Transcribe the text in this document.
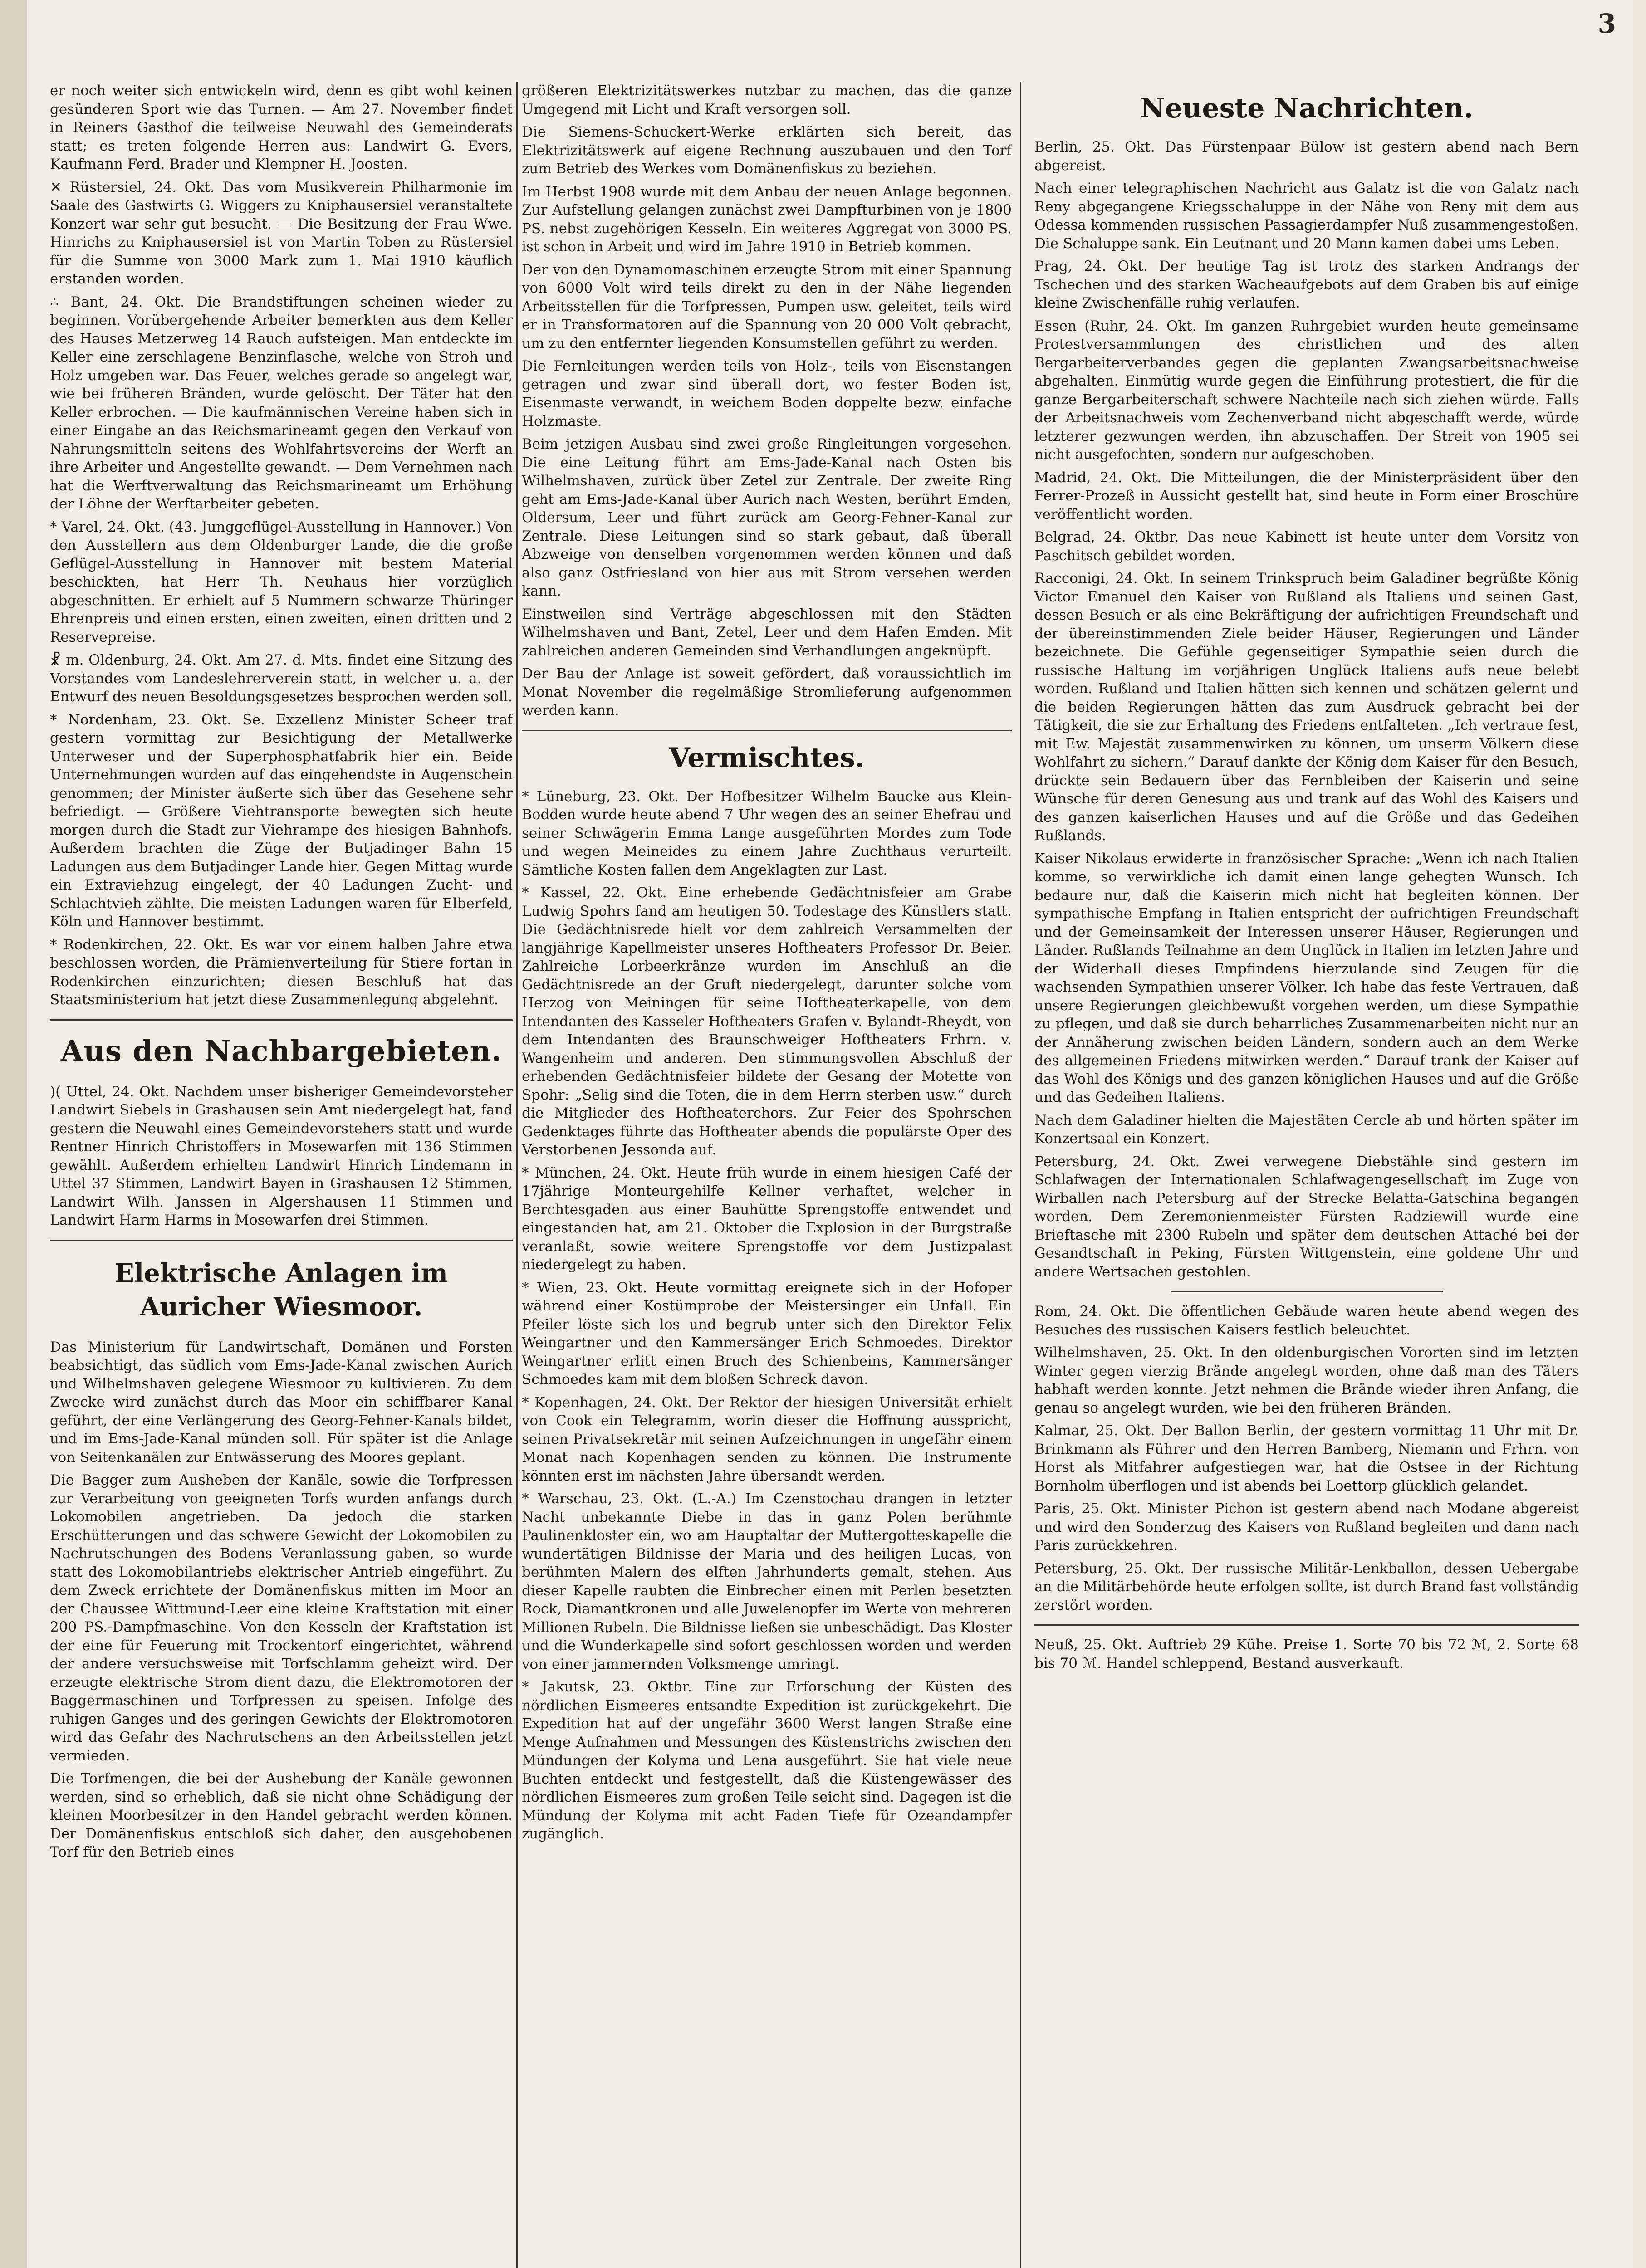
3

er noch weiter sich entwickeln wird, denn es gibt wohl keinen gesünderen Sport wie das Turnen. — Am 27. November findet in Reiners Gasthof die teilweise Neuwahl des Gemeinderats statt; es treten folgende Herren aus: Landwirt G. Evers, Kaufmann Ferd. Brader und Klempner H. Joosten.

✕ Rüstersiel, 24. Okt. Das vom Musikverein Philharmonie im Saale des Gastwirts G. Wiggers zu Kniphausersiel veranstaltete Konzert war sehr gut besucht. — Die Besitzung der Frau Wwe. Hinrichs zu Kniphausersiel ist von Martin Toben zu Rüstersiel für die Summe von 3000 Mark zum 1. Mai 1910 käuflich erstanden worden.

∴ Bant, 24. Okt. Die Brandstiftungen scheinen wieder zu beginnen. Vorübergehende Arbeiter bemerkten aus dem Keller des Hauses Metzerweg 14 Rauch aufsteigen. Man entdeckte im Keller eine zerschlagene Benzinflasche, welche von Stroh und Holz umgeben war. Das Feuer, welches gerade so angelegt war, wie bei früheren Bränden, wurde gelöscht. Der Täter hat den Keller erbrochen. — Die kaufmännischen Vereine haben sich in einer Eingabe an das Reichsmarineamt gegen den Verkauf von Nahrungsmitteln seitens des Wohlfahrtsvereins der Werft an ihre Arbeiter und Angestellte gewandt. — Dem Vernehmen nach hat die Werftverwaltung das Reichsmarineamt um Erhöhung der Löhne der Werftarbeiter gebeten.

* Varel, 24. Okt. (43. Junggeflügel-Ausstellung in Hannover.) Von den Ausstellern aus dem Oldenburger Lande, die die große Geflügel-Ausstellung in Hannover mit bestem Material beschickten, hat Herr Th. Neuhaus hier vorzüglich abgeschnitten. Er erhielt auf 5 Nummern schwarze Thüringer Ehrenpreis und einen ersten, einen zweiten, einen dritten und 2 Reservepreise.

☧ m. Oldenburg, 24. Okt. Am 27. d. Mts. findet eine Sitzung des Vorstandes vom Landeslehrerverein statt, in welcher u. a. der Entwurf des neuen Besoldungsgesetzes besprochen werden soll.

* Nordenham, 23. Okt. Se. Exzellenz Minister Scheer traf gestern vormittag zur Besichtigung der Metallwerke Unterweser und der Superphosphatfabrik hier ein. Beide Unternehmungen wurden auf das eingehendste in Augenschein genommen; der Minister äußerte sich über das Gesehene sehr befriedigt. — Größere Viehtransporte bewegten sich heute morgen durch die Stadt zur Viehrampe des hiesigen Bahnhofs. Außerdem brachten die Züge der Butjadinger Bahn 15 Ladungen aus dem Butjadinger Lande hier. Gegen Mittag wurde ein Extraviehzug eingelegt, der 40 Ladungen Zucht- und Schlachtvieh zählte. Die meisten Ladungen waren für Elberfeld, Köln und Hannover bestimmt.

* Rodenkirchen, 22. Okt. Es war vor einem halben Jahre etwa beschlossen worden, die Prämienverteilung für Stiere fortan in Rodenkirchen einzurichten; diesen Beschluß hat das Staatsministerium hat jetzt diese Zusammenlegung abgelehnt.

Aus den Nachbargebieten.

)( Uttel, 24. Okt. Nachdem unser bisheriger Gemeindevorsteher Landwirt Siebels in Grashausen sein Amt niedergelegt hat, fand gestern die Neuwahl eines Gemeindevorstehers statt und wurde Rentner Hinrich Christoffers in Mosewarfen mit 136 Stimmen gewählt. Außerdem erhielten Landwirt Hinrich Lindemann in Uttel 37 Stimmen, Landwirt Bayen in Grashausen 12 Stimmen, Landwirt Wilh. Janssen in Algershausen 11 Stimmen und Landwirt Harm Harms in Mosewarfen drei Stimmen.

Elektrische Anlagen im Auricher Wiesmoor.

Das Ministerium für Landwirtschaft, Domänen und Forsten beabsichtigt, das südlich vom Ems-Jade-Kanal zwischen Aurich und Wilhelmshaven gelegene Wiesmoor zu kultivieren. Zu dem Zwecke wird zunächst durch das Moor ein schiffbarer Kanal geführt, der eine Verlängerung des Georg-Fehner-Kanals bildet, und im Ems-Jade-Kanal münden soll. Für später ist die Anlage von Seitenkanälen zur Entwässerung des Moores geplant.

Die Bagger zum Ausheben der Kanäle, sowie die Torfpressen zur Verarbeitung von geeigneten Torfs wurden anfangs durch Lokomobilen angetrieben. Da jedoch die starken Erschütterungen und das schwere Gewicht der Lokomobilen zu Nachrutschungen des Bodens Veranlassung gaben, so wurde statt des Lokomobilantriebs elektrischer Antrieb eingeführt. Zu dem Zweck errichtete der Domänenfiskus mitten im Moor an der Chaussee Wittmund-Leer eine kleine Kraftstation mit einer 200 PS.-Dampfmaschine. Von den Kesseln der Kraftstation ist der eine für Feuerung mit Trockentorf eingerichtet, während der andere versuchsweise mit Torfschlamm geheizt wird. Der erzeugte elektrische Strom dient dazu, die Elektromotoren der Baggermaschinen und Torfpressen zu speisen. Infolge des ruhigen Ganges und des geringen Gewichts der Elektromotoren wird das Gefahr des Nachrutschens an den Arbeitsstellen jetzt vermieden.

Die Torfmengen, die bei der Aushebung der Kanäle gewonnen werden, sind so erheblich, daß sie nicht ohne Schädigung der kleinen Moorbesitzer in den Handel gebracht werden können. Der Domänenfiskus entschloß sich daher, den ausgehobenen Torf für den Betrieb eines

größeren Elektrizitätswerkes nutzbar zu machen, das die ganze Umgegend mit Licht und Kraft versorgen soll.

Die Siemens-Schuckert-Werke erklärten sich bereit, das Elektrizitätswerk auf eigene Rechnung auszubauen und den Torf zum Betrieb des Werkes vom Domänenfiskus zu beziehen.

Im Herbst 1908 wurde mit dem Anbau der neuen Anlage begonnen. Zur Aufstellung gelangen zunächst zwei Dampfturbinen von je 1800 PS. nebst zugehörigen Kesseln. Ein weiteres Aggregat von 3000 PS. ist schon in Arbeit und wird im Jahre 1910 in Betrieb kommen.

Der von den Dynamomaschinen erzeugte Strom mit einer Spannung von 6000 Volt wird teils direkt zu den in der Nähe liegenden Arbeitsstellen für die Torfpressen, Pumpen usw. geleitet, teils wird er in Transformatoren auf die Spannung von 20 000 Volt gebracht, um zu den entfernter liegenden Konsumstellen geführt zu werden.

Die Fernleitungen werden teils von Holz-, teils von Eisenstangen getragen und zwar sind überall dort, wo fester Boden ist, Eisenmaste verwandt, in weichem Boden doppelte bezw. einfache Holzmaste.

Beim jetzigen Ausbau sind zwei große Ringleitungen vorgesehen. Die eine Leitung führt am Ems-Jade-Kanal nach Osten bis Wilhelmshaven, zurück über Zetel zur Zentrale. Der zweite Ring geht am Ems-Jade-Kanal über Aurich nach Westen, berührt Emden, Oldersum, Leer und führt zurück am Georg-Fehner-Kanal zur Zentrale. Diese Leitungen sind so stark gebaut, daß überall Abzweige von denselben vorgenommen werden können und daß also ganz Ostfriesland von hier aus mit Strom versehen werden kann.

Einstweilen sind Verträge abgeschlossen mit den Städten Wilhelmshaven und Bant, Zetel, Leer und dem Hafen Emden. Mit zahlreichen anderen Gemeinden sind Verhandlungen angeknüpft.

Der Bau der Anlage ist soweit gefördert, daß voraussichtlich im Monat November die regelmäßige Stromlieferung aufgenommen werden kann.

Vermischtes.

* Lüneburg, 23. Okt. Der Hofbesitzer Wilhelm Baucke aus Klein-Bodden wurde heute abend 7 Uhr wegen des an seiner Ehefrau und seiner Schwägerin Emma Lange ausgeführten Mordes zum Tode und wegen Meineides zu einem Jahre Zuchthaus verurteilt. Sämtliche Kosten fallen dem Angeklagten zur Last.

* Kassel, 22. Okt. Eine erhebende Gedächtnisfeier am Grabe Ludwig Spohrs fand am heutigen 50. Todestage des Künstlers statt. Die Gedächtnisrede hielt vor dem zahlreich Versammelten der langjährige Kapellmeister unseres Hoftheaters Professor Dr. Beier. Zahlreiche Lorbeerkränze wurden im Anschluß an die Gedächtnisrede an der Gruft niedergelegt, darunter solche vom Herzog von Meiningen für seine Hoftheaterkapelle, von dem Intendanten des Kasseler Hoftheaters Grafen v. Bylandt-Rheydt, von dem Intendanten des Braunschweiger Hoftheaters Frhrn. v. Wangenheim und anderen. Den stimmungsvollen Abschluß der erhebenden Gedächtnisfeier bildete der Gesang der Motette von Spohr: „Selig sind die Toten, die in dem Herrn sterben usw.“ durch die Mitglieder des Hoftheaterchors. Zur Feier des Spohrschen Gedenktages führte das Hoftheater abends die populärste Oper des Verstorbenen Jessonda auf.

* München, 24. Okt. Heute früh wurde in einem hiesigen Café der 17jährige Monteurgehilfe Kellner verhaftet, welcher in Berchtesgaden aus einer Bauhütte Sprengstoffe entwendet und eingestanden hat, am 21. Oktober die Explosion in der Burgstraße veranlaßt, sowie weitere Sprengstoffe vor dem Justizpalast niedergelegt zu haben.

* Wien, 23. Okt. Heute vormittag ereignete sich in der Hofoper während einer Kostümprobe der Meistersinger ein Unfall. Ein Pfeiler löste sich los und begrub unter sich den Direktor Felix Weingartner und den Kammersänger Erich Schmoedes. Direktor Weingartner erlitt einen Bruch des Schienbeins, Kammersänger Schmoedes kam mit dem bloßen Schreck davon.

* Kopenhagen, 24. Okt. Der Rektor der hiesigen Universität erhielt von Cook ein Telegramm, worin dieser die Hoffnung ausspricht, seinen Privatsekretär mit seinen Aufzeichnungen in ungefähr einem Monat nach Kopenhagen senden zu können. Die Instrumente könnten erst im nächsten Jahre übersandt werden.

* Warschau, 23. Okt. (L.-A.) Im Czenstochau drangen in letzter Nacht unbekannte Diebe in das in ganz Polen berühmte Paulinenkloster ein, wo am Hauptaltar der Muttergotteskapelle die wundertätigen Bildnisse der Maria und des heiligen Lucas, von berühmten Malern des elften Jahrhunderts gemalt, stehen. Aus dieser Kapelle raubten die Einbrecher einen mit Perlen besetzten Rock, Diamantkronen und alle Juwelenopfer im Werte von mehreren Millionen Rubeln. Die Bildnisse ließen sie unbeschädigt. Das Kloster und die Wunderkapelle sind sofort geschlossen worden und werden von einer jammernden Volksmenge umringt.

* Jakutsk, 23. Oktbr. Eine zur Erforschung der Küsten des nördlichen Eismeeres entsandte Expedition ist zurückgekehrt. Die Expedition hat auf der ungefähr 3600 Werst langen Straße eine Menge Aufnahmen und Messungen des Küstenstrichs zwischen den Mündungen der Kolyma und Lena ausgeführt. Sie hat viele neue Buchten entdeckt und festgestellt, daß die Küstengewässer des nördlichen Eismeeres zum großen Teile seicht sind. Dagegen ist die Mündung der Kolyma mit acht Faden Tiefe für Ozeandampfer zugänglich.

Neueste Nachrichten.

Berlin, 25. Okt. Das Fürstenpaar Bülow ist gestern abend nach Bern abgereist.

Nach einer telegraphischen Nachricht aus Galatz ist die von Galatz nach Reny abgegangene Kriegsschaluppe in der Nähe von Reny mit dem aus Odessa kommenden russischen Passagierdampfer Nuß zusammengestoßen. Die Schaluppe sank. Ein Leutnant und 20 Mann kamen dabei ums Leben.

Prag, 24. Okt. Der heutige Tag ist trotz des starken Andrangs der Tschechen und des starken Wacheaufgebots auf dem Graben bis auf einige kleine Zwischenfälle ruhig verlaufen.

Essen (Ruhr, 24. Okt. Im ganzen Ruhrgebiet wurden heute gemeinsame Protestversammlungen des christlichen und des alten Bergarbeiterverbandes gegen die geplanten Zwangsarbeitsnachweise abgehalten. Einmütig wurde gegen die Einführung protestiert, die für die ganze Bergarbeiterschaft schwere Nachteile nach sich ziehen würde. Falls der Arbeitsnachweis vom Zechenverband nicht abgeschafft werde, würde letzterer gezwungen werden, ihn abzuschaffen. Der Streit von 1905 sei nicht ausgefochten, sondern nur aufgeschoben.

Madrid, 24. Okt. Die Mitteilungen, die der Ministerpräsident über den Ferrer-Prozeß in Aussicht gestellt hat, sind heute in Form einer Broschüre veröffentlicht worden.

Belgrad, 24. Oktbr. Das neue Kabinett ist heute unter dem Vorsitz von Paschitsch gebildet worden.

Racconigi, 24. Okt. In seinem Trinkspruch beim Galadiner begrüßte König Victor Emanuel den Kaiser von Rußland als Italiens und seinen Gast, dessen Besuch er als eine Bekräftigung der aufrichtigen Freundschaft und der übereinstimmenden Ziele beider Häuser, Regierungen und Länder bezeichnete. Die Gefühle gegenseitiger Sympathie seien durch die russische Haltung im vorjährigen Unglück Italiens aufs neue belebt worden. Rußland und Italien hätten sich kennen und schätzen gelernt und die beiden Regierungen hätten das zum Ausdruck gebracht bei der Tätigkeit, die sie zur Erhaltung des Friedens entfalteten. „Ich vertraue fest, mit Ew. Majestät zusammenwirken zu können, um unserm Völkern diese Wohlfahrt zu sichern.“ Darauf dankte der König dem Kaiser für den Besuch, drückte sein Bedauern über das Fernbleiben der Kaiserin und seine Wünsche für deren Genesung aus und trank auf das Wohl des Kaisers und des ganzen kaiserlichen Hauses und auf die Größe und das Gedeihen Rußlands.

Kaiser Nikolaus erwiderte in französischer Sprache: „Wenn ich nach Italien komme, so verwirkliche ich damit einen lange gehegten Wunsch. Ich bedaure nur, daß die Kaiserin mich nicht hat begleiten können. Der sympathische Empfang in Italien entspricht der aufrichtigen Freundschaft und der Gemeinsamkeit der Interessen unserer Häuser, Regierungen und Länder. Rußlands Teilnahme an dem Unglück in Italien im letzten Jahre und der Widerhall dieses Empfindens hierzulande sind Zeugen für die wachsenden Sympathien unserer Völker. Ich habe das feste Vertrauen, daß unsere Regierungen gleichbewußt vorgehen werden, um diese Sympathie zu pflegen, und daß sie durch beharrliches Zusammenarbeiten nicht nur an der Annäherung zwischen beiden Ländern, sondern auch an dem Werke des allgemeinen Friedens mitwirken werden.“ Darauf trank der Kaiser auf das Wohl des Königs und des ganzen königlichen Hauses und auf die Größe und das Gedeihen Italiens.

Nach dem Galadiner hielten die Majestäten Cercle ab und hörten später im Konzertsaal ein Konzert.

Petersburg, 24. Okt. Zwei verwegene Diebstähle sind gestern im Schlafwagen der Internationalen Schlafwagengesellschaft im Zuge von Wirballen nach Petersburg auf der Strecke Belatta-Gatschina begangen worden. Dem Zeremonienmeister Fürsten Radziewill wurde eine Brieftasche mit 2300 Rubeln und später dem deutschen Attaché bei der Gesandtschaft in Peking, Fürsten Wittgenstein, eine goldene Uhr und andere Wertsachen gestohlen.

Rom, 24. Okt. Die öffentlichen Gebäude waren heute abend wegen des Besuches des russischen Kaisers festlich beleuchtet.

Wilhelmshaven, 25. Okt. In den oldenburgischen Vororten sind im letzten Winter gegen vierzig Brände angelegt worden, ohne daß man des Täters habhaft werden konnte. Jetzt nehmen die Brände wieder ihren Anfang, die genau so angelegt wurden, wie bei den früheren Bränden.

Kalmar, 25. Okt. Der Ballon Berlin, der gestern vormittag 11 Uhr mit Dr. Brinkmann als Führer und den Herren Bamberg, Niemann und Frhrn. von Horst als Mitfahrer aufgestiegen war, hat die Ostsee in der Richtung Bornholm überflogen und ist abends bei Loettorp glücklich gelandet.

Paris, 25. Okt. Minister Pichon ist gestern abend nach Modane abgereist und wird den Sonderzug des Kaisers von Rußland begleiten und dann nach Paris zurückkehren.

Petersburg, 25. Okt. Der russische Militär-Lenkballon, dessen Uebergabe an die Militärbehörde heute erfolgen sollte, ist durch Brand fast vollständig zerstört worden.

Neuß, 25. Okt. Auftrieb 29 Kühe. Preise 1. Sorte 70 bis 72 ℳ, 2. Sorte 68 bis 70 ℳ. Handel schleppend, Bestand ausverkauft.
